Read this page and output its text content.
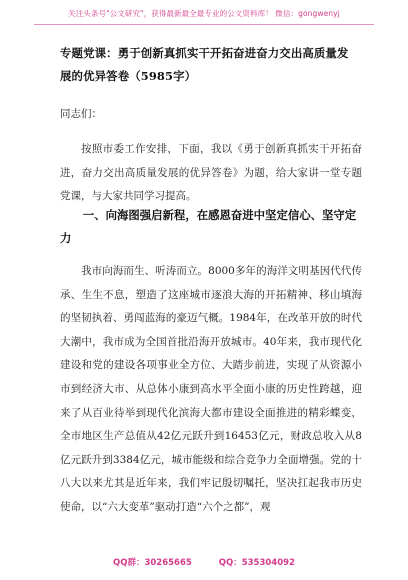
关注头条号"公文研究"，获得最新最全最专业的公文资料库！ 微信：gongwenyj
专题党课：勇于创新真抓实干开拓奋进奋力交出高质量发展的优异答卷（5985字）
同志们：

按照市委工作安排，下面，我以《勇于创新真抓实干开拓奋进，奋力交出高质量发展的优异答卷》为题，给大家讲一堂专题党课，与大家共同学习提高。

一、向海图强启新程，在感恩奋进中坚定信心、坚守定力

我市向海而生、听涛而立。8000多年的海洋文明基因代代传承、生生不息，塑造了这座城市逐浪大海的开拓精神、移山填海的坚韧执着、勇闯蓝海的豪迈气概。1984年，在改革开放的时代大潮中，我市成为全国首批沿海开放城市。40年来，我市现代化建设和党的建设各项事业全方位、大踏步前进，实现了从资源小市到经济大市、从总体小康到高水平全面小康的历史性跨越，迎来了从百业待举到现代化滨海大都市建设全面推进的精彩蝶变，全市地区生产总值从42亿元跃升到16453亿元，财政总收入从8亿元跃升到3384亿元，城市能级和综合竞争力全面增强。党的十八大以来尤其是近年来，我们牢记殷切嘱托，坚决扛起我市历史使命，以“六大变革”驱动打造“六个之都”，观

QQ群：30265665	QQ：535304092
